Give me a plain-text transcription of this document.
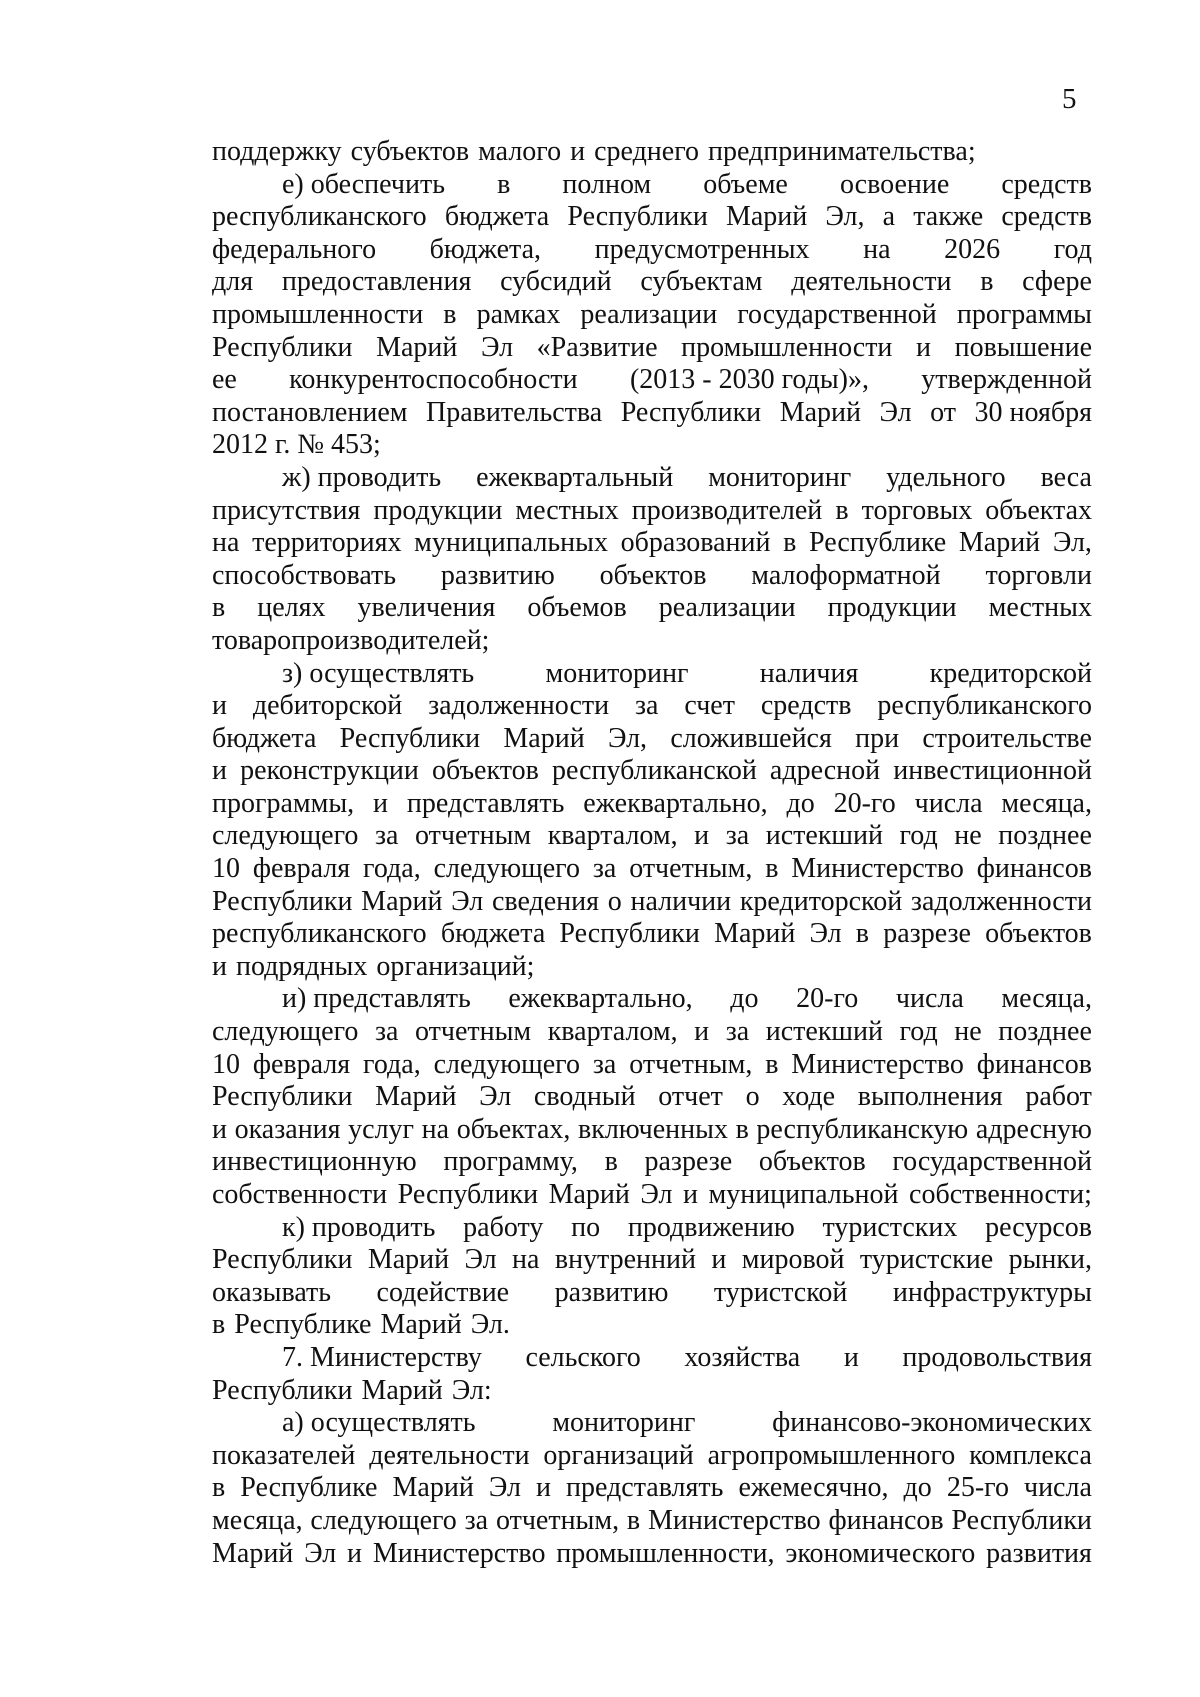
5
поддержку субъектов малого и среднего предпринимательства;
е) обеспечить в полном объеме освоение средств
республиканского бюджета Республики Марий Эл, а также средств
федерального бюджета, предусмотренных на 2026 год
для предоставления субсидий субъектам деятельности в сфере
промышленности в рамках реализации государственной программы
Республики Марий Эл «Развитие промышленности и повышение
ее конкурентоспособности (2013 - 2030 годы)», утвержденной
постановлением Правительства Республики Марий Эл от 30 ноября
2012 г. № 453;
ж) проводить ежеквартальный мониторинг удельного веса
присутствия продукции местных производителей в торговых объектах
на территориях муниципальных образований в Республике Марий Эл,
способствовать развитию объектов малоформатной торговли
в целях увеличения объемов реализации продукции местных
товаропроизводителей;
з) осуществлять	мониторинг	наличия	кредиторской
и дебиторской задолженности за счет средств республиканского
бюджета Республики Марий Эл, сложившейся при строительстве
и реконструкции объектов республиканской адресной инвестиционной
программы, и представлять ежеквартально, до 20-го числа месяца,
следующего за отчетным кварталом, и за истекший год не позднее
10 февраля года, следующего за отчетным, в Министерство финансов
Республики Марий Эл сведения о наличии кредиторской задолженности
республиканского бюджета Республики Марий Эл в разрезе объектов
и подрядных организаций;
и) представлять ежеквартально, до 20-го числа месяца,
следующего за отчетным кварталом, и за истекший год не позднее
10 февраля года, следующего за отчетным, в Министерство финансов
Республики Марий Эл сводный отчет о ходе выполнения работ
и оказания услуг на объектах, включенных в республиканскую адресную
инвестиционную программу, в разрезе объектов государственной
собственности Республики Марий Эл и муниципальной собственности;
к) проводить работу по продвижению туристских ресурсов
Республики Марий Эл на внутренний и мировой туристские рынки,
оказывать содействие развитию туристской инфраструктуры
в Республике Марий Эл.
7. Министерству сельского хозяйства и продовольствия
Республики Марий Эл:
а) осуществлять	мониторинг	финансово-экономических
показателей деятельности организаций агропромышленного комплекса
в Республике Марий Эл и представлять ежемесячно, до 25-го числа
месяца, следующего за отчетным, в Министерство финансов Республики
Марий Эл и Министерство промышленности, экономического развития
